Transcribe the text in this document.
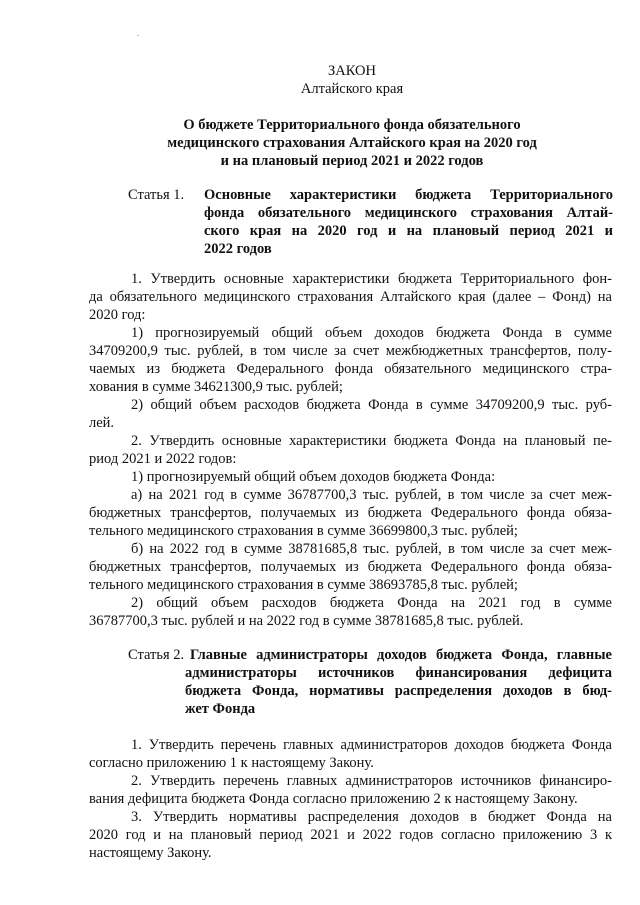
ЗАКОН
Алтайского края
О бюджете Территориального фонда обязательного
медицинского страхования Алтайского края на 2020 год
и на плановый период 2021 и 2022 годов
Статья 1. Основные характеристики бюджета Территориального
фонда обязательного медицинского страхования Алтай-
ского края на 2020 год и на плановый период 2021 и
2022 годов
1. Утвердить основные характеристики бюджета Территориального фон-
да обязательного медицинского страхования Алтайского края (далее – Фонд) на
2020 год:
1) прогнозируемый общий объем доходов бюджета Фонда в сумме
34709200,9 тыс. рублей, в том числе за счет межбюджетных трансфертов, полу-
чаемых из бюджета Федерального фонда обязательного медицинского стра-
хования в сумме 34621300,9 тыс. рублей;
2) общий объем расходов бюджета Фонда в сумме 34709200,9 тыс. руб-
лей.
2. Утвердить основные характеристики бюджета Фонда на плановый пе-
риод 2021 и 2022 годов:
1) прогнозируемый общий объем доходов бюджета Фонда:
а) на 2021 год в сумме 36787700,3 тыс. рублей, в том числе за счет меж-
бюджетных трансфертов, получаемых из бюджета Федерального фонда обяза-
тельного медицинского страхования в сумме 36699800,3 тыс. рублей;
б) на 2022 год в сумме 38781685,8 тыс. рублей, в том числе за счет меж-
бюджетных трансфертов, получаемых из бюджета Федерального фонда обяза-
тельного медицинского страхования в сумме 38693785,8 тыс. рублей;
2) общий объем расходов бюджета Фонда на 2021 год в сумме
36787700,3 тыс. рублей и на 2022 год в сумме 38781685,8 тыс. рублей.
Статья 2. Главные администраторы доходов бюджета Фонда, главные
администраторы источников финансирования дефицита
бюджета Фонда, нормативы распределения доходов в бюд-
жет Фонда
1. Утвердить перечень главных администраторов доходов бюджета Фонда
согласно приложению 1 к настоящему Закону.
2. Утвердить перечень главных администраторов источников финансиро-
вания дефицита бюджета Фонда согласно приложению 2 к настоящему Закону.
3. Утвердить нормативы распределения доходов в бюджет Фонда на
2020 год и на плановый период 2021 и 2022 годов согласно приложению 3 к
настоящему Закону.
